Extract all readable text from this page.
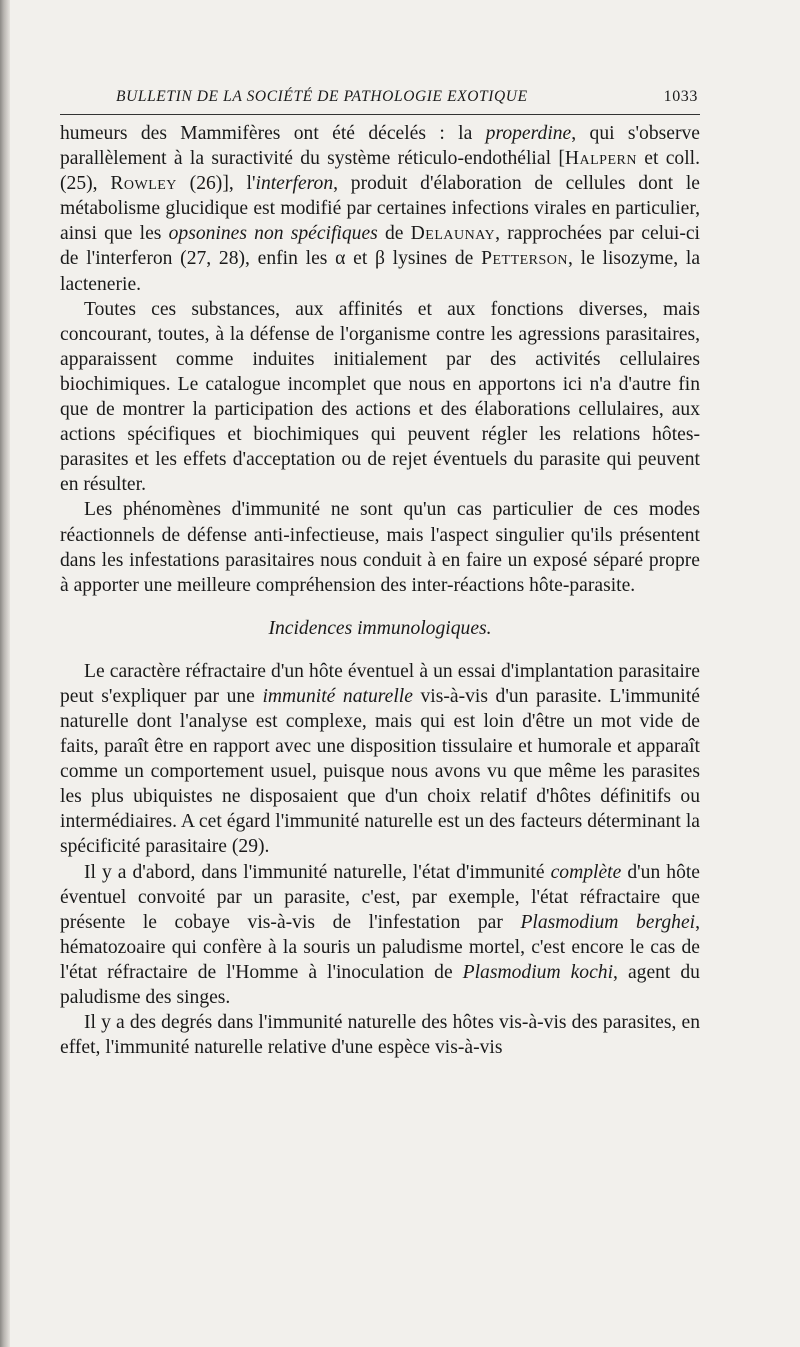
BULLETIN DE LA SOCIÉTÉ DE PATHOLOGIE EXOTIQUE	1033

humeurs des Mammifères ont été décelés : la properdine, qui s'observe parallèlement à la suractivité du système réticulo-endothélial [Halpern et coll. (25), Rowley (26)], l'interferon, produit d'élaboration de cellules dont le métabolisme glucidique est modifié par certaines infections virales en particulier, ainsi que les opsonines non spécifiques de Delaunay, rapprochées par celui-ci de l'interferon (27, 28), enfin les α et β lysines de Petterson, le lisozyme, la lactenerie.

Toutes ces substances, aux affinités et aux fonctions diverses, mais concourant, toutes, à la défense de l'organisme contre les agressions parasitaires, apparaissent comme induites initialement par des activités cellulaires biochimiques. Le catalogue incomplet que nous en apportons ici n'a d'autre fin que de montrer la participation des actions et des élaborations cellulaires, aux actions spécifiques et biochimiques qui peuvent régler les relations hôtes-parasites et les effets d'acceptation ou de rejet éventuels du parasite qui peuvent en résulter.

Les phénomènes d'immunité ne sont qu'un cas particulier de ces modes réactionnels de défense anti-infectieuse, mais l'aspect singulier qu'ils présentent dans les infestations parasitaires nous conduit à en faire un exposé séparé propre à apporter une meilleure compréhension des inter-réactions hôte-parasite.

Incidences immunologiques.

Le caractère réfractaire d'un hôte éventuel à un essai d'implantation parasitaire peut s'expliquer par une immunité naturelle vis-à-vis d'un parasite. L'immunité naturelle dont l'analyse est complexe, mais qui est loin d'être un mot vide de faits, paraît être en rapport avec une disposition tissulaire et humorale et apparaît comme un comportement usuel, puisque nous avons vu que même les parasites les plus ubiquistes ne disposaient que d'un choix relatif d'hôtes définitifs ou intermédiaires. A cet égard l'immunité naturelle est un des facteurs déterminant la spécificité parasitaire (29).

Il y a d'abord, dans l'immunité naturelle, l'état d'immunité complète d'un hôte éventuel convoité par un parasite, c'est, par exemple, l'état réfractaire que présente le cobaye vis-à-vis de l'infestation par Plasmodium berghei, hématozoaire qui confère à la souris un paludisme mortel, c'est encore le cas de l'état réfractaire de l'Homme à l'inoculation de Plasmodium kochi, agent du paludisme des singes.

Il y a des degrés dans l'immunité naturelle des hôtes vis-à-vis des parasites, en effet, l'immunité naturelle relative d'une espèce vis-à-vis
